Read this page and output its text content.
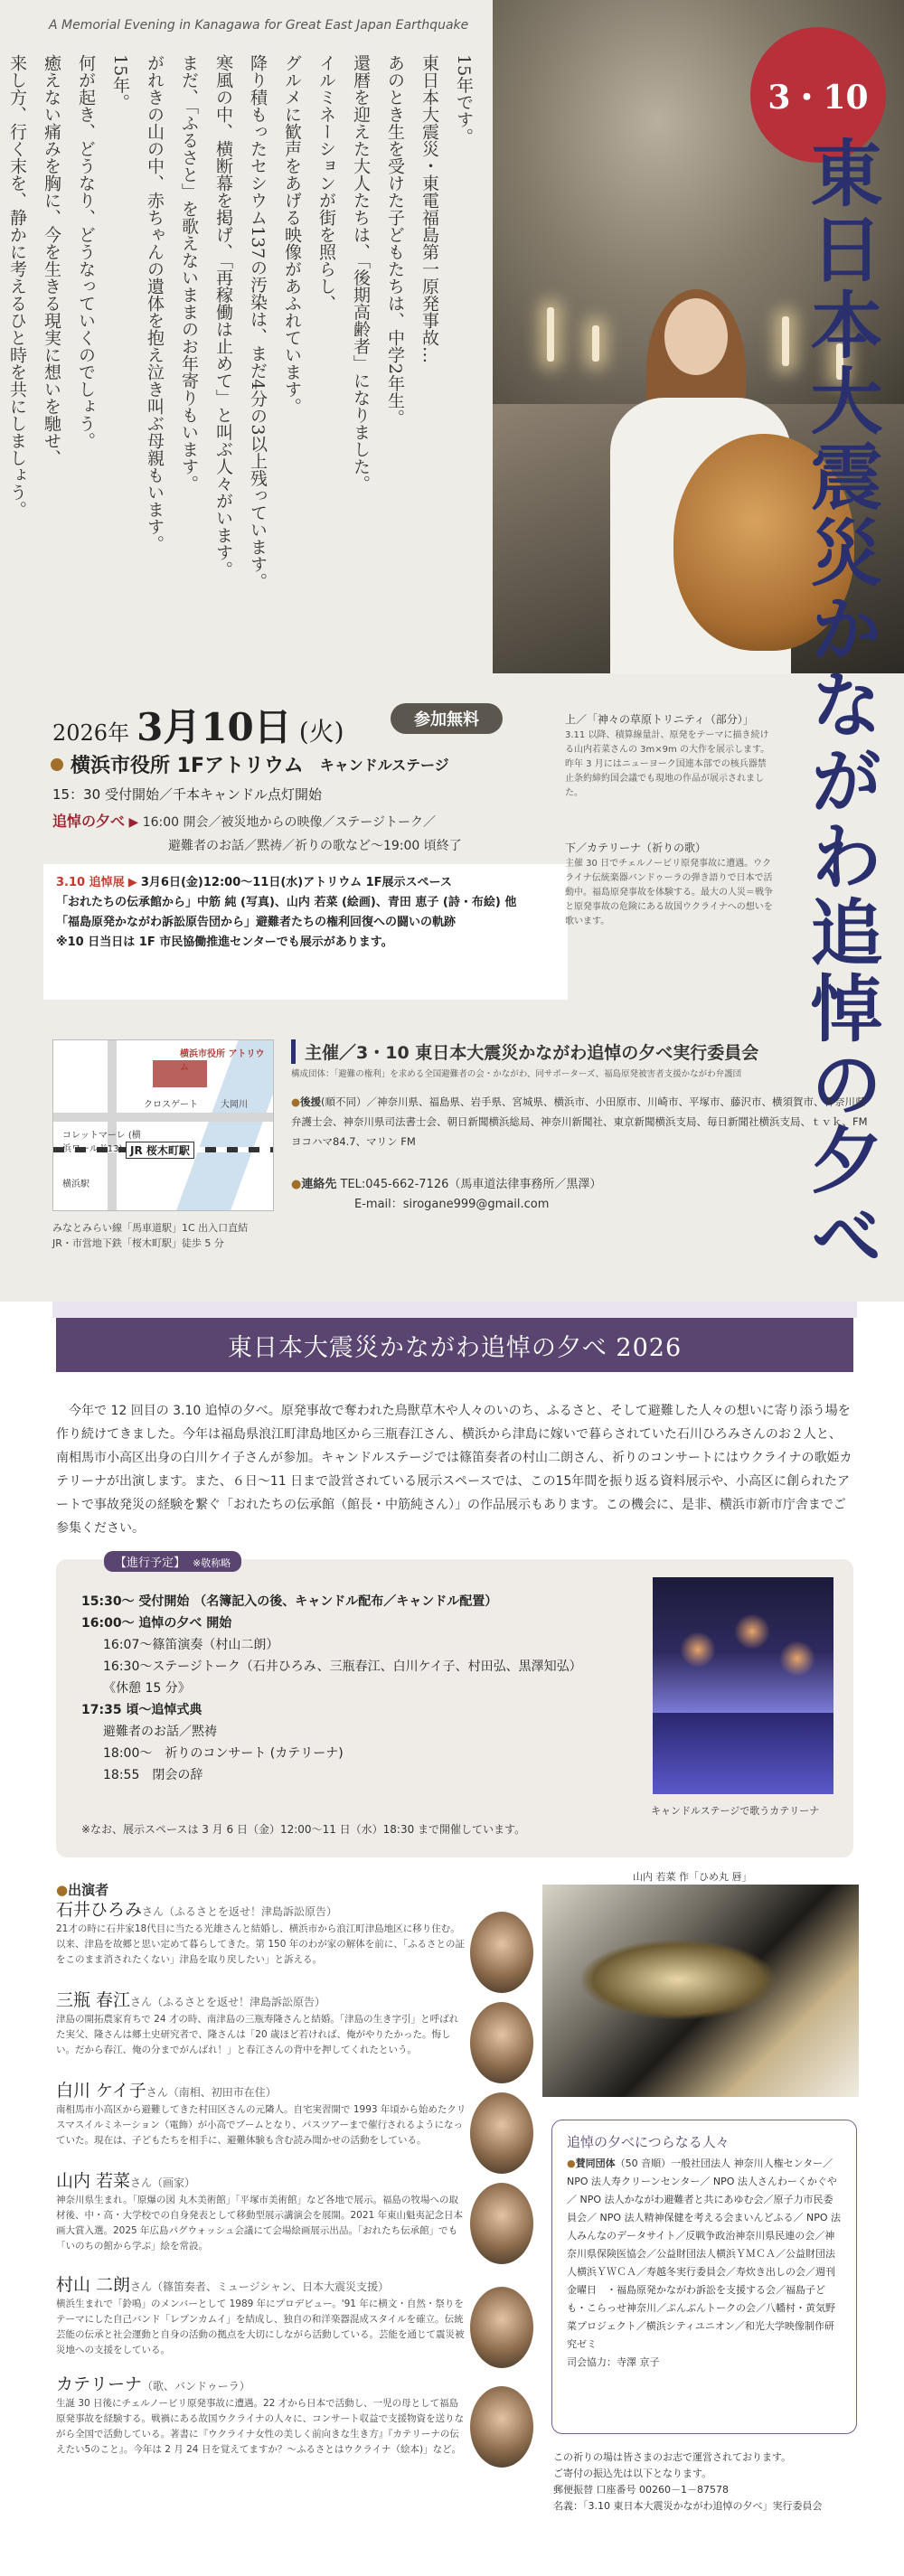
A Memorial Evening in Kanagawa for Great East Japan Earthquake
15年です。
東日本大震災・東電福島第一原発事故…
あのとき生を受けた子どもたちは、中学2年生。
還暦を迎えた大人たちは、「後期高齢者」になりました。
イルミネーションが街を照らし、
グルメに歓声をあげる映像があふれています。
降り積もったセシウム137の汚染は、まだ4分の3以上残っています。
寒風の中、横断幕を掲げ、「再稼働は止めて」と叫ぶ人々がいます。
まだ、「ふるさと」を歌えないままのお年寄りもいます。
がれきの山の中、赤ちゃんの遺体を抱え泣き叫ぶ母親もいます。
15年。
何が起き、どうなり、どうなっていくのでしょう。
癒えない痛みを胸に、今を生きる現実に想いを馳せ、
来し方、行く末を、静かに考えるひと時を共にしましょう。	3・10
東日本大震災かながわ追悼の夕べ
2026年 3月10日 (火)	参加無料
横浜市役所 1Fアトリウム キャンドルステージ
15：30 受付開始／千本キャンドル点灯開始
追悼の夕べ ▶ 16:00 開会／被災地からの映像／ステージトーク／
避難者のお話／黙祷／祈りの歌など～19:00 頃終了
3.10 追悼展 ▶ 3月6日(金)12:00～11日(水)アトリウム 1F展示スペース
「おれたちの伝承館から」中筋 純 (写真)、山内 若菜 (絵画)、青田 恵子 (詩・布絵) 他
「福島原発かながわ訴訟原告団から」避難者たちの権利回復への闘いの軌跡
※10 日当日は 1F 市民協働推進センターでも展示があります。
上／「神々の草原トリニティ（部分）」
3.11 以降、積算線量計、原発をテーマに描き続ける山内若菜さんの 3m×9m の大作を展示します。昨年 3 月にはニューヨーク国連本部での核兵器禁止条約締約国会議でも現地の作品が展示されました。
下／カテリーナ（祈りの歌）
主催 30 日でチェルノービリ原発事故に遭遇。ウクライナ伝統楽器バンドゥーラの弾き語りで日本で活動中。福島原発事故を体験する。最大の人災＝戦争と原発事故の危険にある故国ウクライナへの想いを歌います。
横浜市役所 アトリウム
クロスゲート
コレットマーレ (横浜ワールド13) JR 桜木町駅
大岡川
横浜駅
みなとみらい線「馬車道駅」1C 出入口直結
JR・市営地下鉄「桜木町駅」徒歩 5 分
主催／3・10 東日本大震災かながわ追悼の夕べ実行委員会
構成団体：「避難の権利」を求める全国避難者の会・かながわ、同サポーターズ、福島原発被害者支援かながわ弁護団
●後援(順不同）／神奈川県、福島県、岩手県、宮城県、横浜市、小田原市、川崎市、平塚市、藤沢市、横須賀市、神奈川県弁護士会、神奈川県司法書士会、朝日新聞横浜総局、神奈川新聞社、東京新聞横浜支局、毎日新聞社横浜支局、ｔｖｋ、FMヨコハマ84.7、マリン FM
●連絡先 TEL:045-662-7126（馬車道法律事務所／黒澤）
E-mail：sirogane999@gmail.com
東日本大震災かながわ追悼の夕べ 2026
今年で 12 回目の 3.10 追悼の夕べ。原発事故で奪われた鳥獣草木や人々のいのち、ふるさと、そして避難した人々の想いに寄り添う場を作り続けてきました。今年は福島県浪江町津島地区から三瓶春江さん、横浜から津島に嫁いで暮らされていた石川ひろみさんのお２人と、南相馬市小高区出身の白川ケイ子さんが参加。キャンドルステージでは篠笛奏者の村山二朗さん、祈りのコンサートにはウクライナの歌姫カテリーナが出演します。また、６日～11 日まで設営されている展示スペースでは、この15年間を振り返る資料展示や、小高区に創られたアートで事故発災の経験を繋ぐ「おれたちの伝承館（館長・中筋純さん）」の作品展示もあります。この機会に、是非、横浜市新市庁舎までご参集ください。
【進行予定】 ※敬称略
15:30～ 受付開始 （名簿記入の後、キャンドル配布／キャンドル配置）
16:00～ 追悼の夕べ 開始
16:07～篠笛演奏（村山二朗）
16:30～ステージトーク（石井ひろみ、三瓶春江、白川ケイ子、村田弘、黒澤知弘）
《休憩 15 分》
17:35 頃～追悼式典
避難者のお話／黙祷
18:00～　祈りのコンサート (カテリーナ)
18:55　閉会の辞
※なお、展示スペースは 3 月 6 日（金）12:00～11 日（水）18:30 まで開催しています。
キャンドルステージで歌うカテリーナ
山内 若菜 作「ひめ丸 唇」
●出演者
石井ひろみさん（ふるさとを返せ！津島訴訟原告）
21才の時に石井家18代目に当たる光雄さんと結婚し、横浜市から浪江町津島地区に移り住む。以来、津島を故郷と思い定めて暮らしてきた。第 150 年のわが家の解体を前に、「ふるさとの証をこのまま消されたくない」津島を取り戻したい」と訴える。
三瓶 春江さん（ふるさとを返せ！津島訴訟原告）
津島の開拓農家育ちで 24 才の時、南津島の三瓶寿隆さんと結婚。「津島の生き字引」と呼ばれた実父、隆さんは郷土史研究者で、隆さんは「20 歳ほど若ければ、俺がやりたかった。悔しい。だから春江、俺の分までがんばれ！」と春江さんの背中を押してくれたという。
白川 ケイ子さん（南相、初田市在住）
南相馬市小高区から避難してきた村田区さんの元隣人。自宅実習開で 1993 年頃から始めたクリスマスイルミネーション（電飾）が小高でブームとなり、パスツアーまで催行されるようになっていた。現在は、子どもたちを相手に、避難体験も含む読み聞かせの活動をしている。
山内 若菜さん（画家）
神奈川県生まれ。「原爆の図 丸木美術館」「平塚市美術館」など各地で展示。福島の牧場への取材後、中・高・大学校での自身発表として移動型展示講演会を展開。2021 年東山魁夷記念日本画大賞入選。2025 年広島パグウォッシュ会議にて会場絵画展示出品。「おれたち伝承館」でも「いのちの館から学ぶ」絵を常設。
村山 二朗さん（篠笛奏者、ミュージシャン、日本大震災支援）
横浜生まれで「鈴鳴」のメンバーとして 1989 年にプロデビュー。'91 年に横文・自然・祭りをテーマにした自己バンド「レプンカムイ」を結成し、独自の和洋楽器混成スタイルを確立。伝統芸能の伝承と社会運動と自身の活動の拠点を大切にしながら活動している。芸能を通じて震災被災地への支援をしている。
カテリーナ（歌、バンドゥーラ）
生誕 30 日後にチェルノービリ原発事故に遭遇。22 才から日本で活動し、一児の母として福島原発事故を経験する。戦禍にある故国ウクライナの人々に、コンサート収益で支援物資を送りながら全国で活動している。著書に『ウクライナ女性の美しく前向きな生き方』『カテリーナの伝えたい5のこと』。今年は 2 月 24 日を覚えてますか？～ふるさとはウクライナ（絵本)」など。
追悼の夕べにつらなる人々
●賛同団体（50 音順）一般社団法人 神奈川人権センター／ NPO 法人寿クリーンセンター／ NPO 法人さんわーくかぐや／ NPO 法人かながわ避難者と共にあゆむ会／原子力市民委員会／ NPO 法人精神保健を考える会まいんどふる／ NPO 法人みんなのデータサイト／反戦争政治神奈川県民連の会／神奈川県保険医協会／公益財団法人横浜ＹＭＣＡ／公益財団法人横浜ＹＷＣＡ／寿越冬実行委員会／寿炊き出しの会／週刊金曜日　・福島原発かながわ訴訟を支援する会／福島子ども・こらっせ神奈川／ぷんぶんトークの会／八幡村・黄気野菜プロジェクト／横浜シティユニオン／和光大学映像制作研究ゼミ
司会協力：寺澤 京子
この祈りの場は皆さまのお志で運営されております。
ご寄付の振込先は以下となります。
郵便振替 口座番号 00260－1－87578
名義：「3.10 東日本大震災かながわ追悼の夕べ」実行委員会
